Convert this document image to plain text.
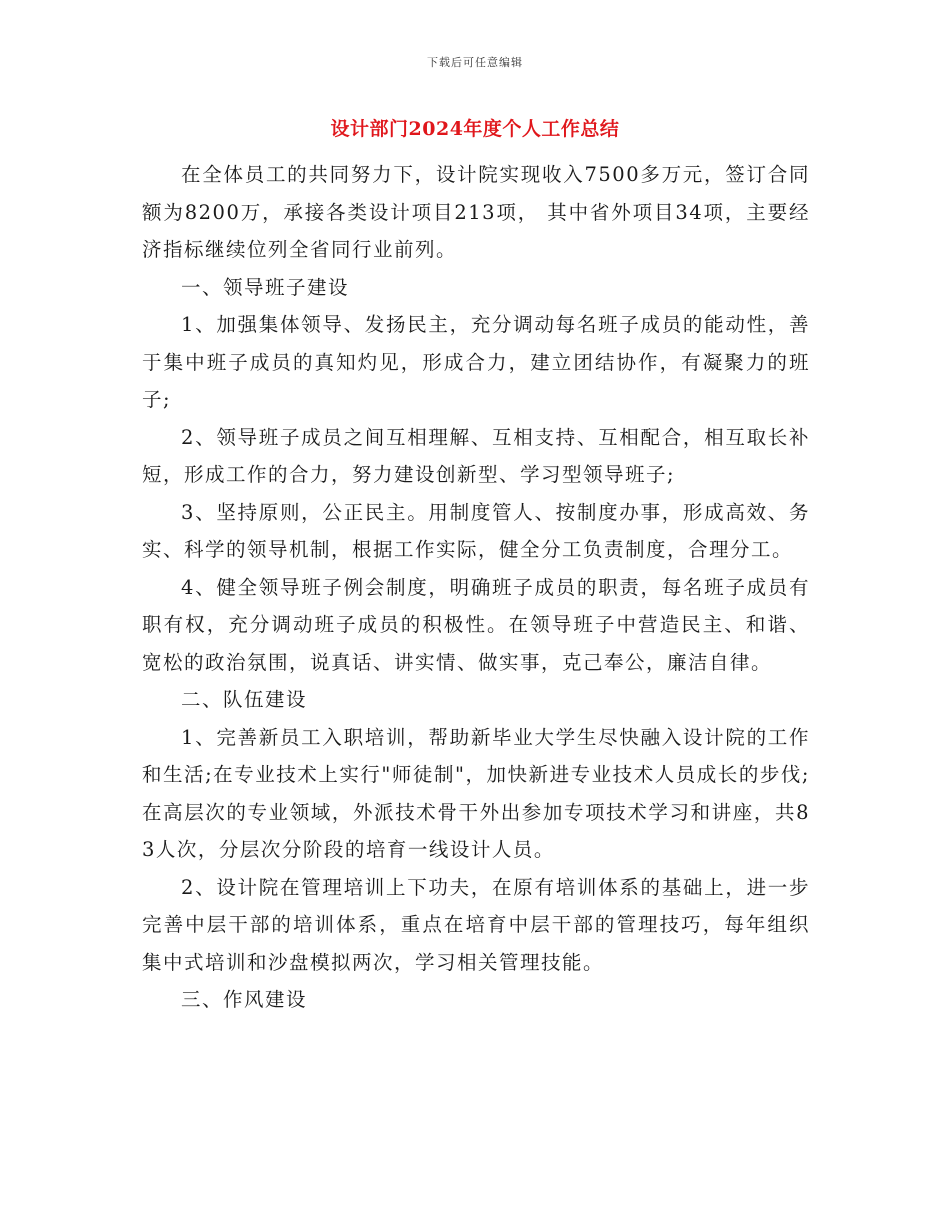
下载后可任意编辑
设计部门2024年度个人工作总结

在全体员工的共同努力下，设计院实现收入7500多万元，签订合同额为8200万，承接各类设计项目213项， 其中省外项目34项，主要经济指标继续位列全省同行业前列。

一、领导班子建设

1、加强集体领导、发扬民主，充分调动每名班子成员的能动性，善于集中班子成员的真知灼见，形成合力，建立团结协作，有凝聚力的班子;

2、领导班子成员之间互相理解、互相支持、互相配合，相互取长补短，形成工作的合力，努力建设创新型、学习型领导班子;

3、坚持原则，公正民主。用制度管人、按制度办事，形成高效、务实、科学的领导机制，根据工作实际，健全分工负责制度，合理分工。

4、健全领导班子例会制度，明确班子成员的职责，每名班子成员有职有权，充分调动班子成员的积极性。在领导班子中营造民主、和谐、宽松的政治氛围，说真话、讲实情、做实事，克己奉公，廉洁自律。

二、队伍建设

1、完善新员工入职培训，帮助新毕业大学生尽快融入设计院的工作和生活;在专业技术上实行"师徒制"，加快新进专业技术人员成长的步伐;在高层次的专业领域，外派技术骨干外出参加专项技术学习和讲座，共83人次，分层次分阶段的培育一线设计人员。

2、设计院在管理培训上下功夫，在原有培训体系的基础上，进一步完善中层干部的培训体系，重点在培育中层干部的管理技巧，每年组织集中式培训和沙盘模拟两次，学习相关管理技能。

三、作风建设
